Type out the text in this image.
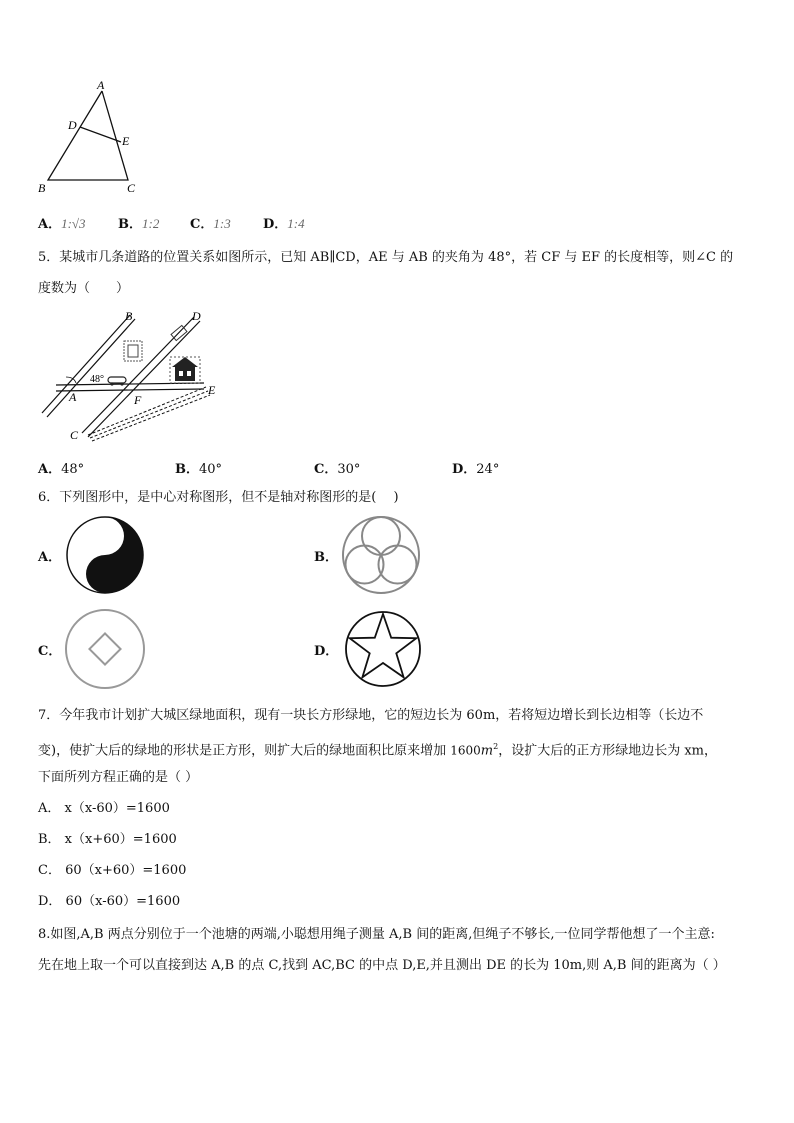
A
D
E
B	C
A．1:√3 B．1:2 C．1:3 D．1:4
5．某城市几条道路的位置关系如图所示，已知 AB∥CD，AE 与 AB 的夹角为 48°，若 CF 与 EF 的长度相等，则∠C 的
度数为（　　）
B	D
48°
A	F
E
C
A．48°	B．40°	C．30°	D．24°
6．下列图形中，是中心对称图形，但不是轴对称图形的是(　 )
A．	B．
C．	D．
7．今年我市计划扩大城区绿地面积，现有一块长方形绿地，它的短边长为 60m，若将短边增长到长边相等（长边不
变)，使扩大后的绿地的形状是正方形，则扩大后的绿地面积比原来增加 $1600m^2$，设扩大后的正方形绿地边长为 xm，
下面所列方程正确的是（ ）
A． x（x-60）=1600
B． x（x+60）=1600
C． 60（x+60）=1600
D． 60（x-60）=1600
8.如图,A,B 两点分别位于一个池塘的两端,小聪想用绳子测量 A,B 间的距离,但绳子不够长,一位同学帮他想了一个主意:
先在地上取一个可以直接到达 A,B 的点 C,找到 AC,BC 的中点 D,E,并且测出 DE 的长为 10m,则 A,B 间的距离为（ ）
